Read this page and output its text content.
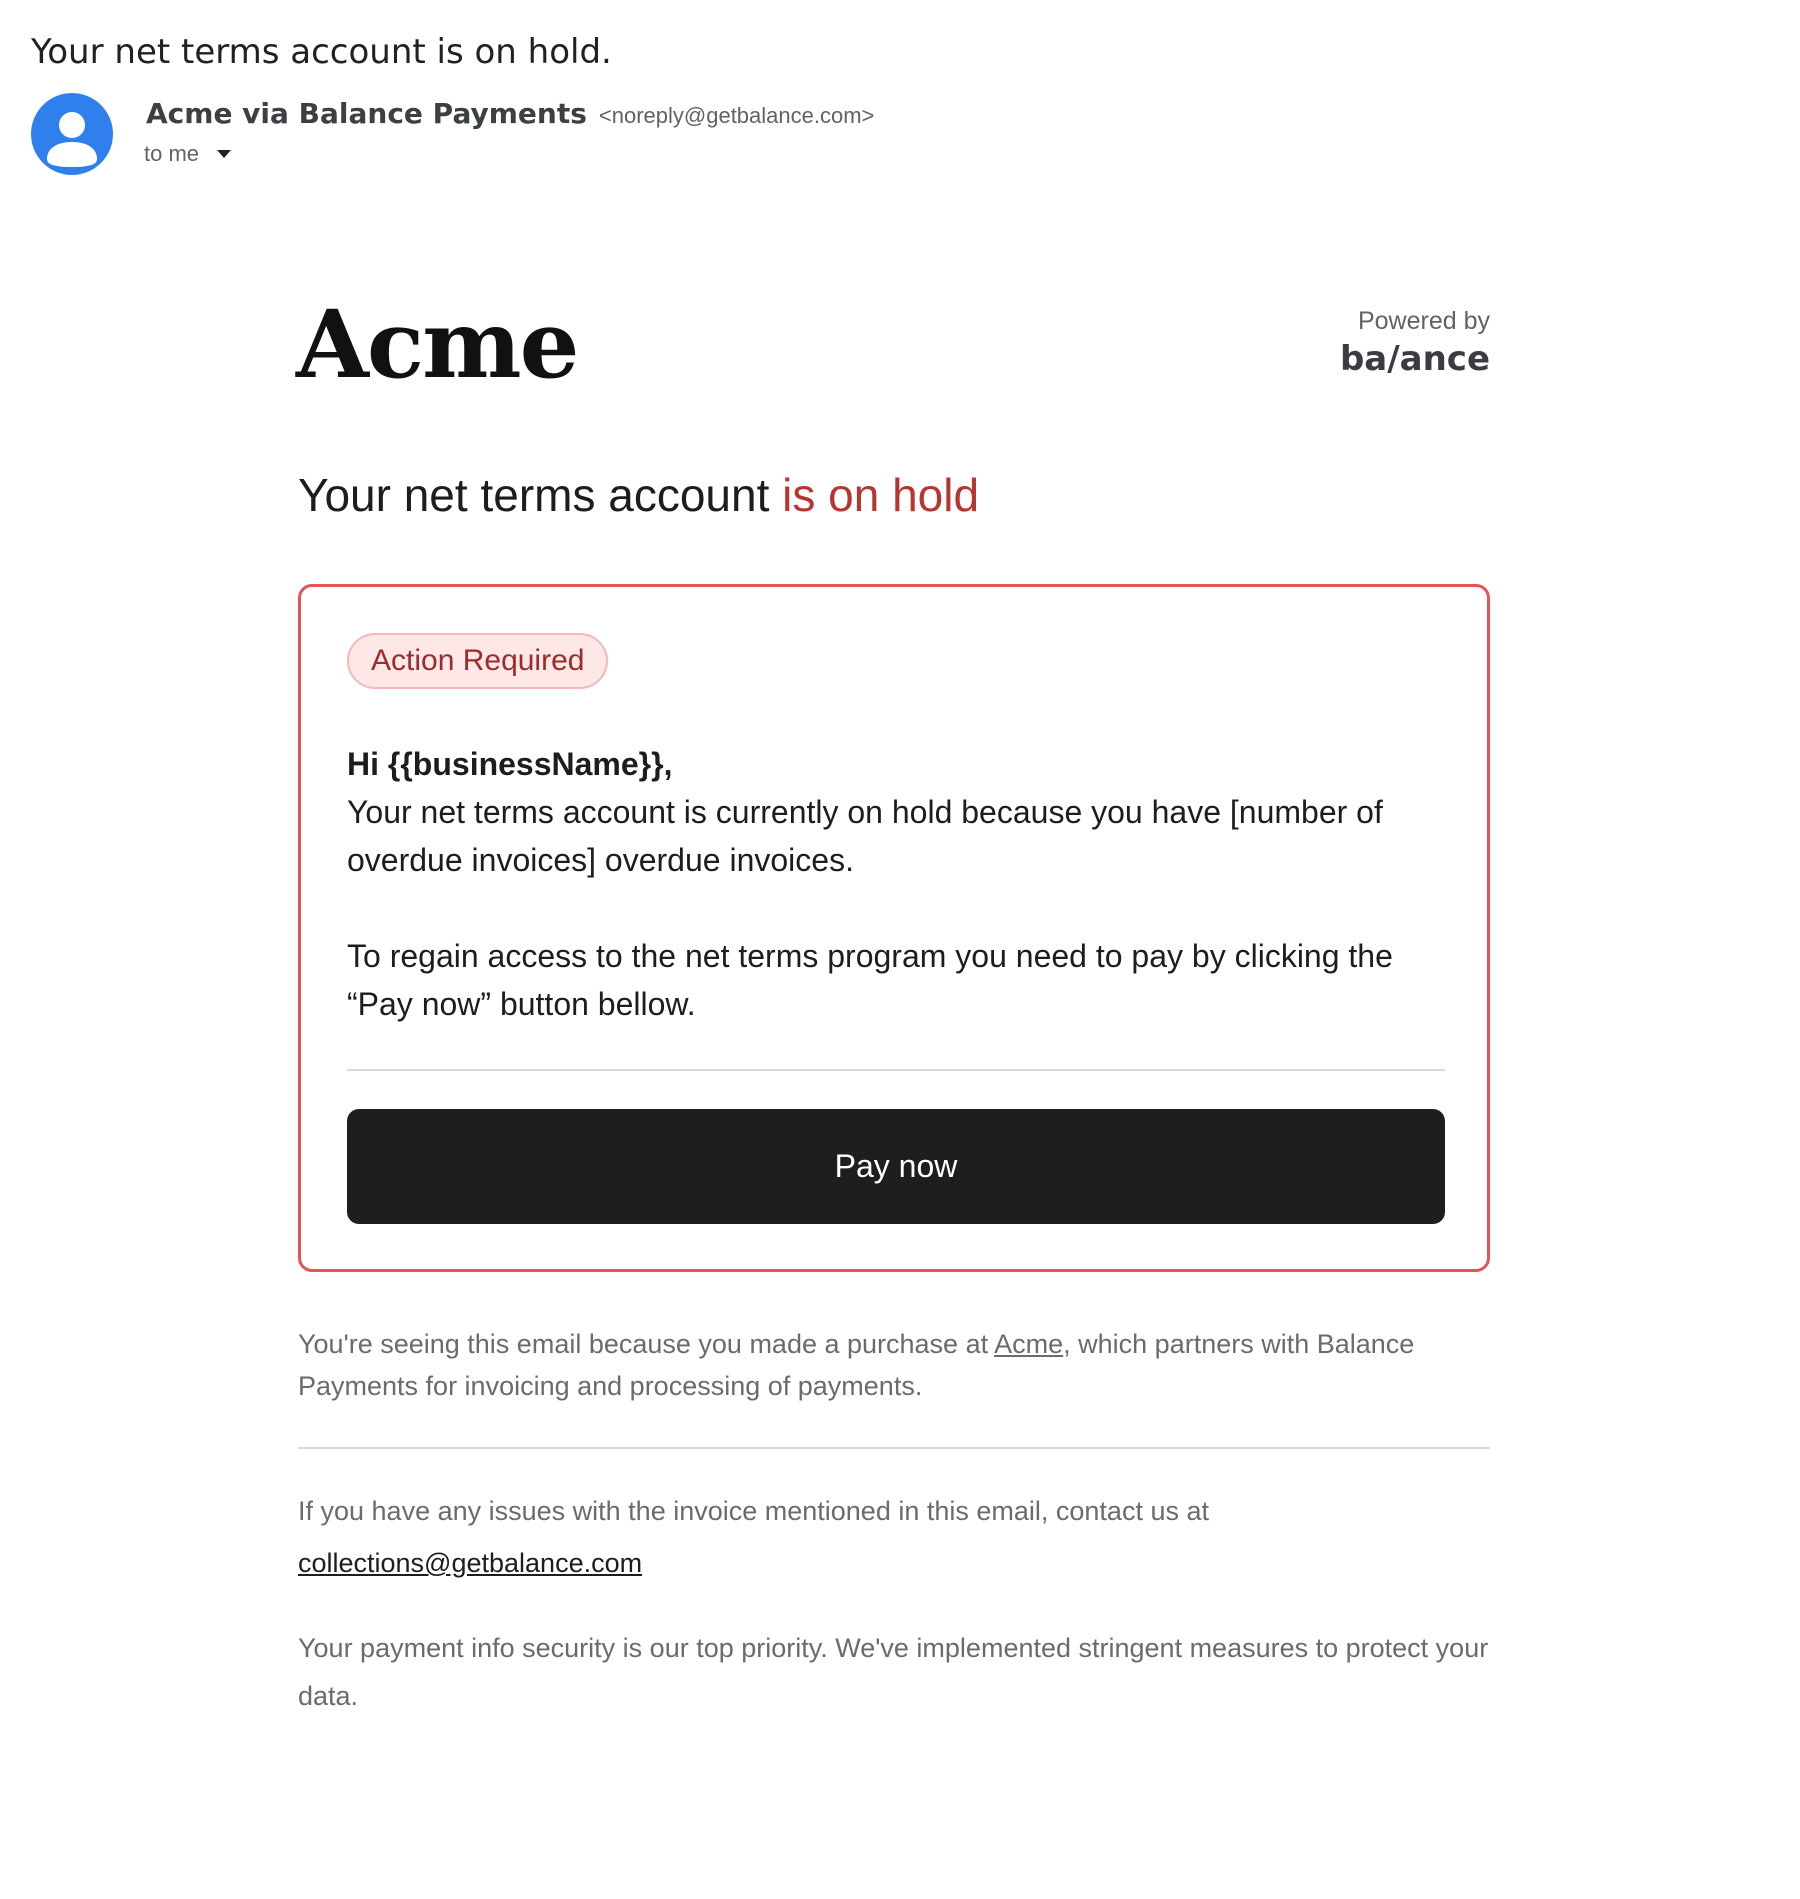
Your net terms account is on hold.
Acme via Balance Payments <noreply@getbalance.com>
to me
Acme	Powered by
ba/ance
Your net terms account is on hold
Action Required

Hi {{businessName}},

Your net terms account is currently on hold because you have [number of overdue invoices] overdue invoices.

To regain access to the net terms program you need to pay by clicking the “Pay now” button bellow.

Pay now

You're seeing this email because you made a purchase at Acme, which partners with Balance Payments for invoicing and processing of payments.

If you have any issues with the invoice mentioned in this email, contact us at

collections@getbalance.com

Your payment info security is our top priority. We've implemented stringent measures to protect your data.
